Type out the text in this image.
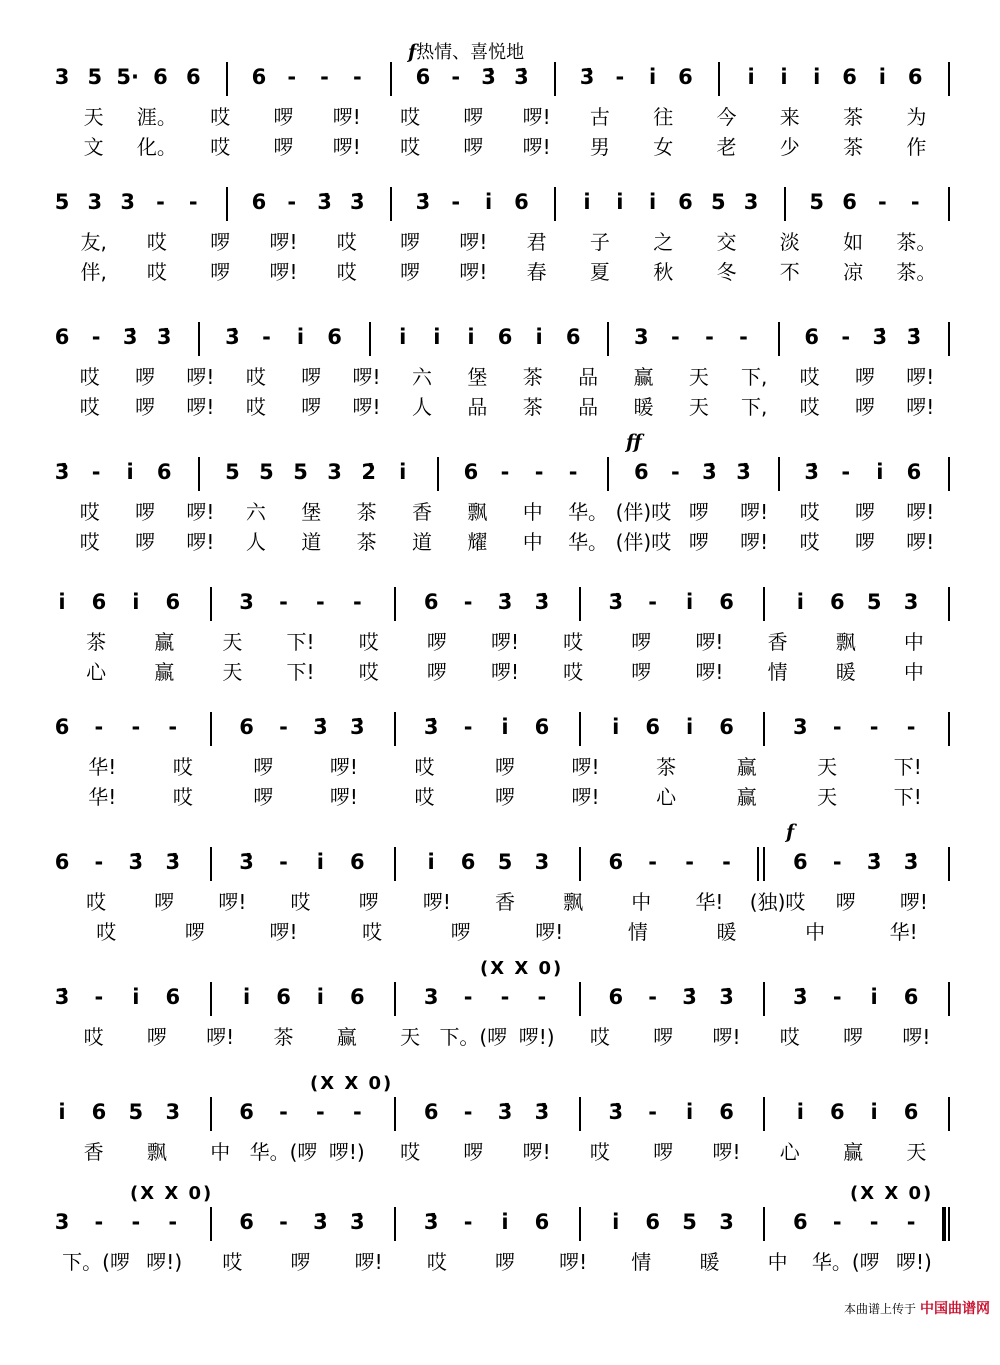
3 5 5· 6 6	6	-	-	-	6	-	3̇ 3̇	3̇	-	i	6	i	i	i	6	i	6
天 涯。 哎 啰 啰! 哎 啰 啰! 古 往 今 来 茶 为
文 化。 哎 啰 啰! 哎 啰 啰! 男 女 老 少 茶 作
5 3 3	-	-	6	-	3̇ 3̇	3̇	-	i	6	i	i	i	6 5 3	5 6	-	-
友, 哎 啰 啰! 哎 啰 啰! 君 子 之 交 淡 如 茶。
伴, 哎 啰 啰! 哎 啰 啰! 春 夏 秋 冬 不 凉 茶。
6	-	3̇ 3̇	3̇	-	i	6	i	i	i	6	i	6	3	-	-	-	6	-	3̇ 3̇
哎 啰 啰! 哎 啰 啰! 六 堡 茶 品 赢 天 下, 哎 啰 啰!
哎 啰 啰! 哎 啰 啰! 人 品 茶 品 暖 天 下, 哎 啰 啰!
3̇	-	i	6	5 5 5 3 2̇	i	6	-	-	-	6	-	3̇ 3̇	3̇	-	i	6
哎 啰 啰! 六 堡 茶 香 飘 中 华。 (伴)哎 啰 啰! 哎 啰 啰!
哎 啰 啰! 人 道 茶 道 耀 中 华。 (伴)哎 啰 啰! 哎 啰 啰!
ff
i	6	i	6	3	-	-	-	6	-	3̇	3̇	3̇	-	i	6	i	6	5	3
茶 赢 天 下! 哎 啰 啰! 哎 啰 啰! 香 飘 中
心 赢 天 下! 哎 啰 啰! 哎 啰 啰! 情 暖 中
6	-	-	-	6	-	3̇	3̇	3̇	-	i	6	i	6	i	6	3	-	-	-
华!	哎	啰	啰!	哎	啰	啰!	茶	赢	天	下!
华!	哎	啰	啰!	哎	啰	啰!	心	赢	天	下!
6	-	3̇	3̇	3̇	-	i	6	i	6	5	3	6	-	-	-	6	-	3̇	3̇
哎 啰 啰! 哎 啰 啰! 香 飘 中 华! (独)哎 啰 啰!
哎	啰	啰!	哎	啰	啰!	情	暖	中	华!
f
3̇	-	i	6	i	6	i	6	3	-	-	-	6	-	3̇	3̇	3̇	-	i	6
哎 啰 啰! 茶 赢 天 下。(啰 啰!) 哎 啰 啰! 哎 啰 啰!
(X X 0)
i	6	5	3	6	-	-	-	6	-	3̇	3̇	3̇	-	i	6	i	6	i	6
香 飘 中 华。(啰 啰!) 哎 啰 啰! 哎 啰 啰! 心 赢 天
(X X 0)
3	-	-	-	6	-	3̇	3̇	3̇	-	i	6	i	6	5	3	6	-	-	-
下。(啰 啰!) 哎 啰 啰! 哎 啰 啰! 情 暖 中 华。(啰 啰!)
(X X 0)	(X X 0)
f热情、喜悦地
本曲谱上传于 中国曲谱网
